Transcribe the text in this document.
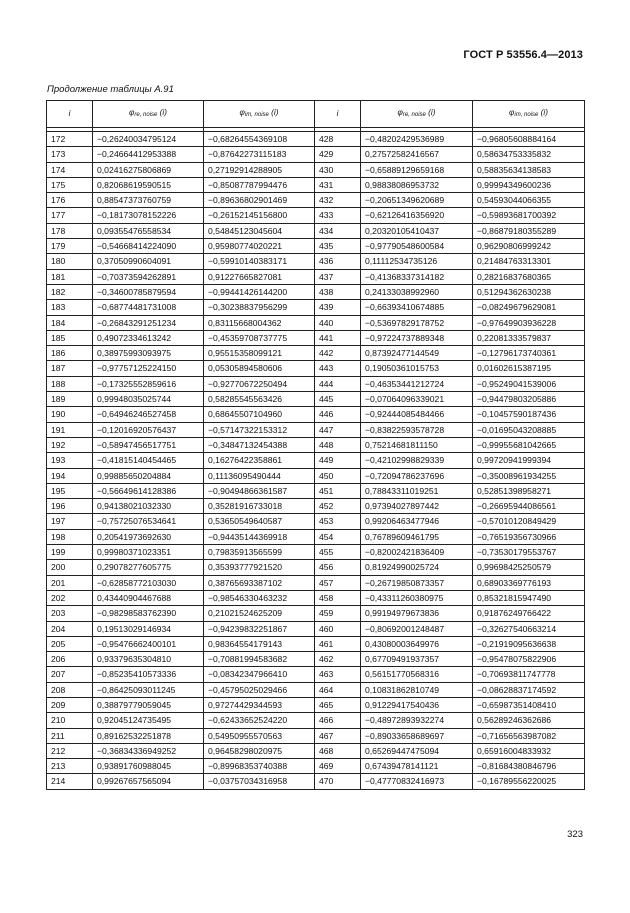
ГОСТ Р 53556.4—2013
Продолжение таблицы А.91
i	φre, noise (i)	φim, noise (i)	i	φre, noise (i)	φim, noise (i)

172	−0,26240034795124	−0,68264554369108	428	−0,48202429536989	−0,96805608884164
173	−0,24664412953388	−0,87642273115183	429	0,27572582416567	0,58634753335832
174	0,02416275806869	0,27192914288905	430	−0,65889129659168	0,58835634138583
175	0,82068619590515	−0,85087787994476	431	0,98838086953732	0,99994349600236
176	0,88547373760759	−0,89636802901469	432	−0,20651349620689	0,54593044066355
177	−0,18173078152226	−0,26152145156800	433	−0,62126416356920	−0,59893681700392
178	0,09355476558534	0,54845123045604	434	0,20320105410437	−0,86879180355289
179	−0,54668414224090	0,95980774020221	435	−0,97790548600584	0,96290806999242
180	0,37050990604091	−0,59910140383171	436	0,11112534735126	0,21484763313301
181	−0,70373594262891	0,91227665827081	437	−0,41368337314182	0,28216837680365
182	−0,34600785879594	−0,99441426144200	438	0,24133038992960	0,51294362630238
183	−0,68774481731008	−0,30238837956299	439	−0,66393410674885	−0,08249679629081
184	−0,26843291251234	0,83115668004362	440	−0,53697829178752	−0,97649903936228
185	0,49072334613242	−0,45359708737775	441	−0,97224737889348	0,22081333579837
186	0,38975993093975	0,95515358099121	442	0,87392477144549	−0,12796173740361
187	−0,97757125224150	0,05305894580606	443	0,19050361015753	0,01602615387195
188	−0,17325552859616	−0,92770672250494	444	−0,46353441212724	−0,95249041539006
189	0,99948035025744	0,58285545563426	445	−0,07064096339021	−0,94479803205886
190	−0,64946246527458	0,68645507104960	446	−0,92444085484466	−0,10457590187436
191	−0,12016920576437	−0,57147322153312	447	−0,83822593578728	−0,01695043208885
192	−0,58947456517751	−0,34847132454388	448	0,75214681811150	−0,99955681042665
193	−0,41815140454465	0,16276422358861	449	−0,42102998829339	0,99720941999394
194	0,99885650204884	0,11136095490444	450	−0,72094786237696	−0,35008961934255
195	−0,56649614128386	−0,90494866361587	451	0,78843311019251	0,52851398958271
196	0,94138021032330	0,35281916733018	452	0,97394027897442	−0,26695944086561
197	−0,75725076534641	0,53650549640587	453	0,99206463477946	−0,57010120849429
198	0,20541973692630	−0,94435144369918	454	0,76789609461795	−0,76519356730966
199	0,99980371023351	0,79835913565599	455	−0,82002421836409	−0,73530179553767
200	0,29078277605775	0,35393777921520	456	0,81924990025724	0,99698425250579
201	−0,62858772103030	0,38765693387102	457	−0,26719850873357	0,68903369776193
202	0,43440904467688	−0,98546330463232	458	−0,43311260380975	0,85321815947490
203	−0,98298583762390	0,21021524625209	459	0,99194979673836	0,91876249766422
204	0,19513029146934	−0,94239832251867	460	−0,80692001248487	−0,32627540663214
205	−0,95476662400101	0,98364554179143	461	0,43080003649976	−0,21919095636638
206	0,93379635304810	−0,70881994583682	462	0,67709491937357	−0,95478075822906
207	−0,85235410573336	−0,08342347966410	463	0,56151770568316	−0,70693811747778
208	−0,86425093011245	−0,45795025029466	464	0,10831862810749	−0,08628837174592
209	0,38879779059045	0,97274429344593	465	0,91229417540436	−0,65987351408410
210	0,92045124735495	−0,62433652524220	466	−0,48972893932274	0,56289246362686
211	0,89162532251878	0,54950955570563	467	−0,89033658689697	−0,71656563987082
212	−0,36834336949252	0,96458298020975	468	0,65269447475094	0,65916004833932
213	0,93891760988045	−0,89968353740388	469	0,67439478141121	−0,81684380846796
214	0,99267657565094	−0,03757034316958	470	−0,47770832416973	−0,16789556220025
323
